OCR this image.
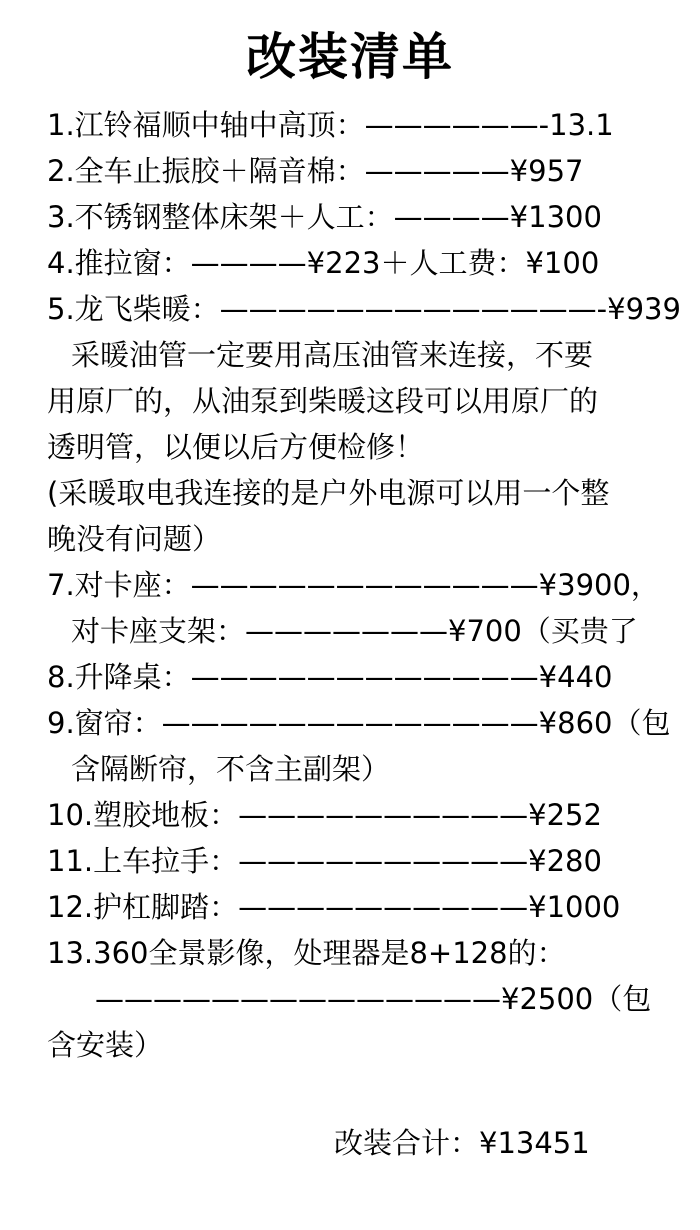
改装清单
1.江铃福顺中轴中高顶：——————-13.1
2.全车止振胶＋隔音棉：—————¥957
3.不锈钢整体床架＋人工：————¥1300
4.推拉窗：————¥223＋人工费：¥100
5.龙飞柴暖：—————————————-¥939
采暖油管一定要用高压油管来连接，不要
用原厂的，从油泵到柴暖这段可以用原厂的
透明管，以便以后方便检修！
(采暖取电我连接的是户外电源可以用一个整
晚没有问题）
7.对卡座：————————————¥3900，
对卡座支架：———————¥700（买贵了
8.升降桌：————————————¥440
9.窗帘：—————————————¥860（包
含隔断帘，不含主副架）
10.塑胶地板：——————————¥252
11.上车拉手：——————————¥280
12.护杠脚踏：——————————¥1000
13.360全景影像，处理器是8+128的：
——————————————¥2500（包
含安装）
改装合计：¥13451
